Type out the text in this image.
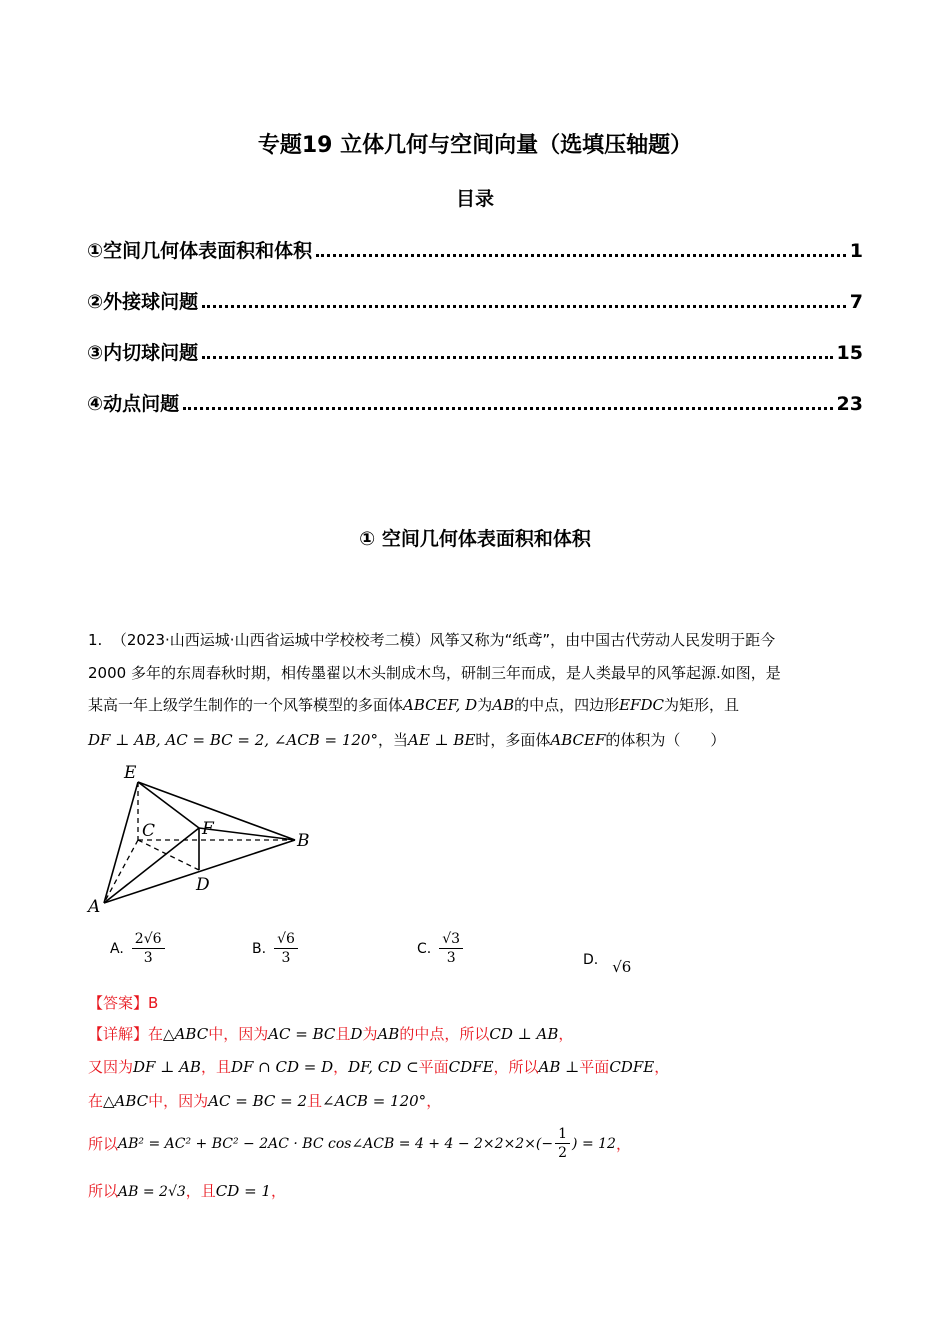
专题19 立体几何与空间向量（选填压轴题）
目录
①空间几何体表面积和体积	1
②外接球问题	7
③内切球问题	15
④动点问题	23
① 空间几何体表面积和体积
1. （2023·山西运城·山西省运城中学校校考二模）风筝又称为“纸鸢”，由中国古代劳动人民发明于距今
2000 多年的东周春秋时期，相传墨翟以木头制成木鸟，研制三年而成，是人类最早的风筝起源.如图，是
某高一年上级学生制作的一个风筝模型的多面体ABCEF, D为AB的中点，四边形EFDC为矩形，且
DF ⊥ AB, AC = BC = 2, ∠ACB = 120°，当AE ⊥ BE时，多面体ABCEF的体积为（　　）
E
C	F
B
D
A
A. $\frac{2√6}{3}$	B. $\frac{√6}{3}$	C. $\frac{√3}{3}$	D. √6
【答案】B
【详解】在△ABC中，因为AC = BC且D为AB的中点，所以CD ⊥ AB，
又因为DF ⊥ AB，且DF ∩ CD = D，DF, CD ⊂平面CDFE，所以AB ⊥平面CDFE，
在△ABC中，因为AC = BC = 2且∠ACB = 120°，
所以 AB² = AC² + BC² − 2AC · BC cos∠ACB = $4 + 4 - 2\times 2\times 2\times(- \frac{1}{2}$ ) = 12 ，
所以AB = 2√3，且CD = 1，
